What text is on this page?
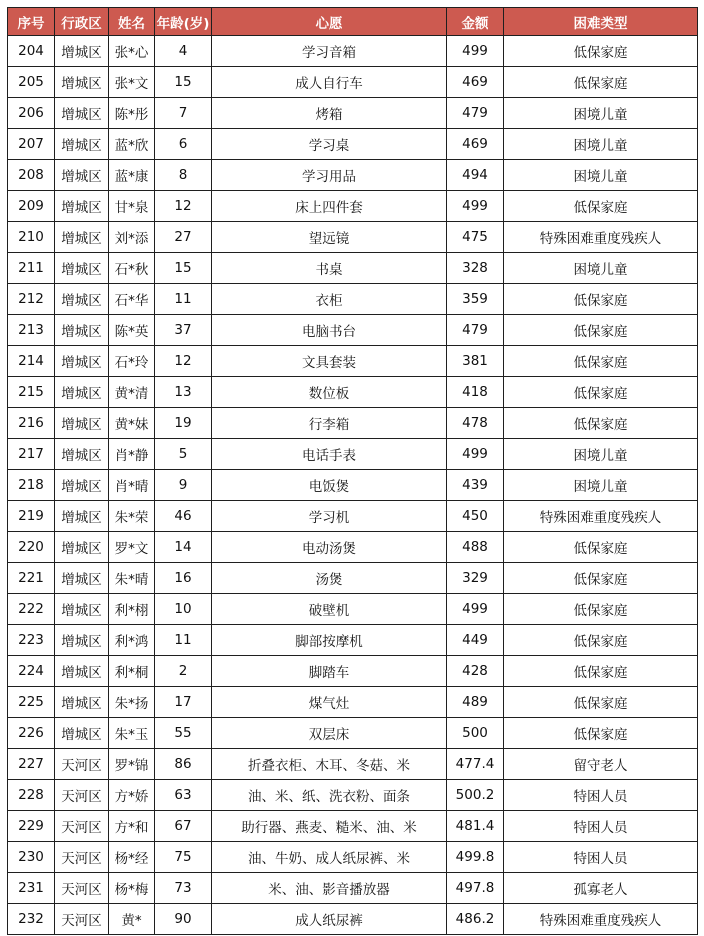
序号	行政区	姓名	年龄(岁)	心愿	金额	困难类型
204	增城区	张*心	4	学习音箱	499	低保家庭
205	增城区	张*文	15	成人自行车	469	低保家庭
206	增城区	陈*彤	7	烤箱	479	困境儿童
207	增城区	蓝*欣	6	学习桌	469	困境儿童
208	增城区	蓝*康	8	学习用品	494	困境儿童
209	增城区	甘*泉	12	床上四件套	499	低保家庭
210	增城区	刘*添	27	望远镜	475	特殊困难重度残疾人
211	增城区	石*秋	15	书桌	328	困境儿童
212	增城区	石*华	11	衣柜	359	低保家庭
213	增城区	陈*英	37	电脑书台	479	低保家庭
214	增城区	石*玲	12	文具套装	381	低保家庭
215	增城区	黄*清	13	数位板	418	低保家庭
216	增城区	黄*妹	19	行李箱	478	低保家庭
217	增城区	肖*静	5	电话手表	499	困境儿童
218	增城区	肖*晴	9	电饭煲	439	困境儿童
219	增城区	朱*荣	46	学习机	450	特殊困难重度残疾人
220	增城区	罗*文	14	电动汤煲	488	低保家庭
221	增城区	朱*晴	16	汤煲	329	低保家庭
222	增城区	利*栩	10	破壁机	499	低保家庭
223	增城区	利*鸿	11	脚部按摩机	449	低保家庭
224	增城区	利*桐	2	脚踏车	428	低保家庭
225	增城区	朱*扬	17	煤气灶	489	低保家庭
226	增城区	朱*玉	55	双层床	500	低保家庭
227	天河区	罗*锦	86	折叠衣柜、木耳、冬菇、米	477.4	留守老人
228	天河区	方*娇	63	油、米、纸、洗衣粉、面条	500.2	特困人员
229	天河区	方*和	67	助行器、燕麦、糙米、油、米	481.4	特困人员
230	天河区	杨*经	75	油、牛奶、成人纸尿裤、米	499.8	特困人员
231	天河区	杨*梅	73	米、油、影音播放器	497.8	孤寡老人
232	天河区	黄*	90	成人纸尿裤	486.2	特殊困难重度残疾人
